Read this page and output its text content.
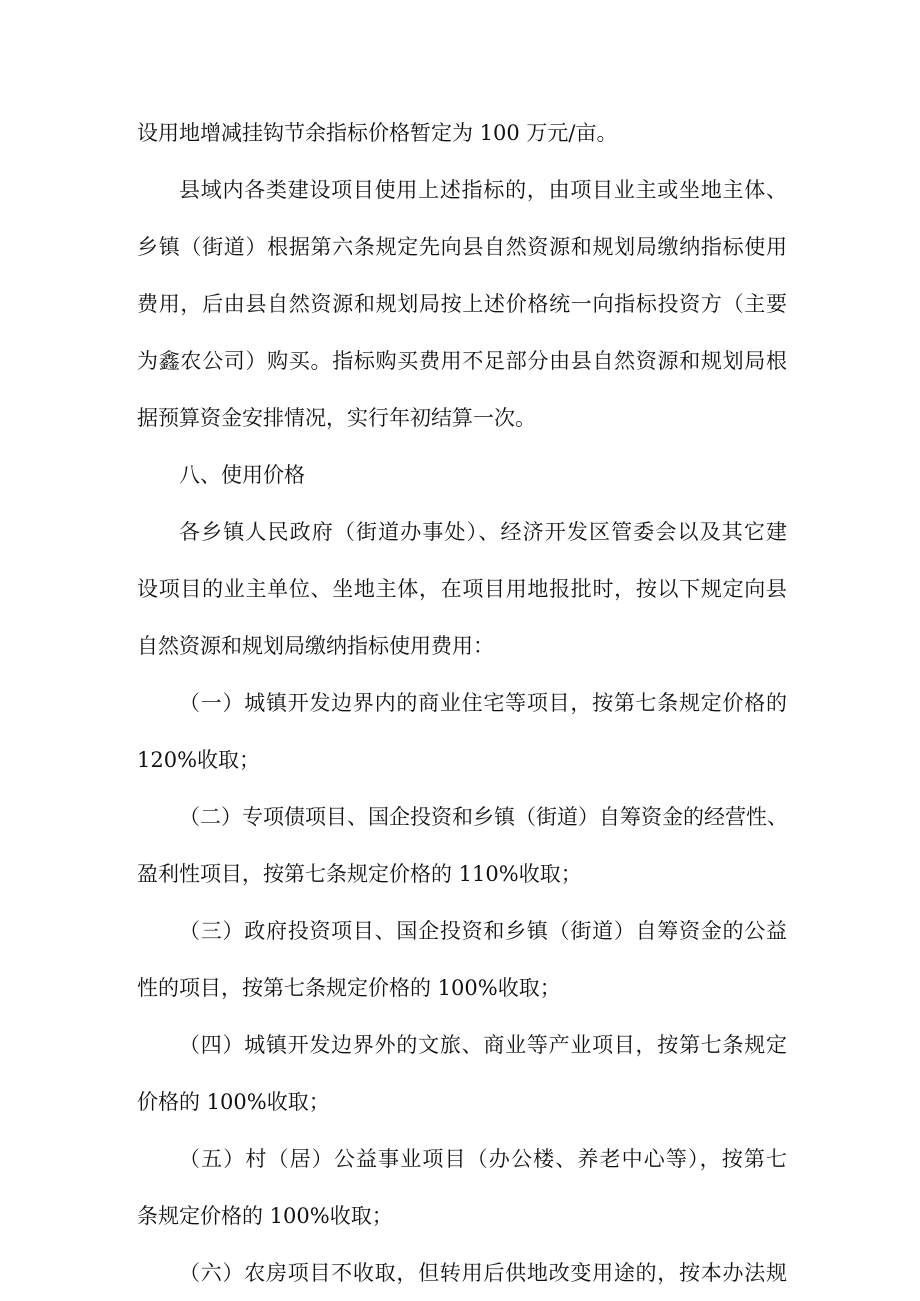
设用地增减挂钩节余指标价格暂定为 100 万元/亩。
县域内各类建设项目使用上述指标的，由项目业主或坐地主体、
乡镇（街道）根据第六条规定先向县自然资源和规划局缴纳指标使用
费用，后由县自然资源和规划局按上述价格统一向指标投资方（主要
为鑫农公司）购买。指标购买费用不足部分由县自然资源和规划局根
据预算资金安排情况，实行年初结算一次。
八、使用价格
各乡镇人民政府（街道办事处）、经济开发区管委会以及其它建
设项目的业主单位、坐地主体，在项目用地报批时，按以下规定向县
自然资源和规划局缴纳指标使用费用：
（一）城镇开发边界内的商业住宅等项目，按第七条规定价格的
120%收取；
（二）专项债项目、国企投资和乡镇（街道）自筹资金的经营性、
盈利性项目，按第七条规定价格的 110%收取；
（三）政府投资项目、国企投资和乡镇（街道）自筹资金的公益
性的项目，按第七条规定价格的 100%收取；
（四）城镇开发边界外的文旅、商业等产业项目，按第七条规定
价格的 100%收取；
（五）村（居）公益事业项目（办公楼、养老中心等），按第七
条规定价格的 100%收取；
（六）农房项目不收取，但转用后供地改变用途的，按本办法规
